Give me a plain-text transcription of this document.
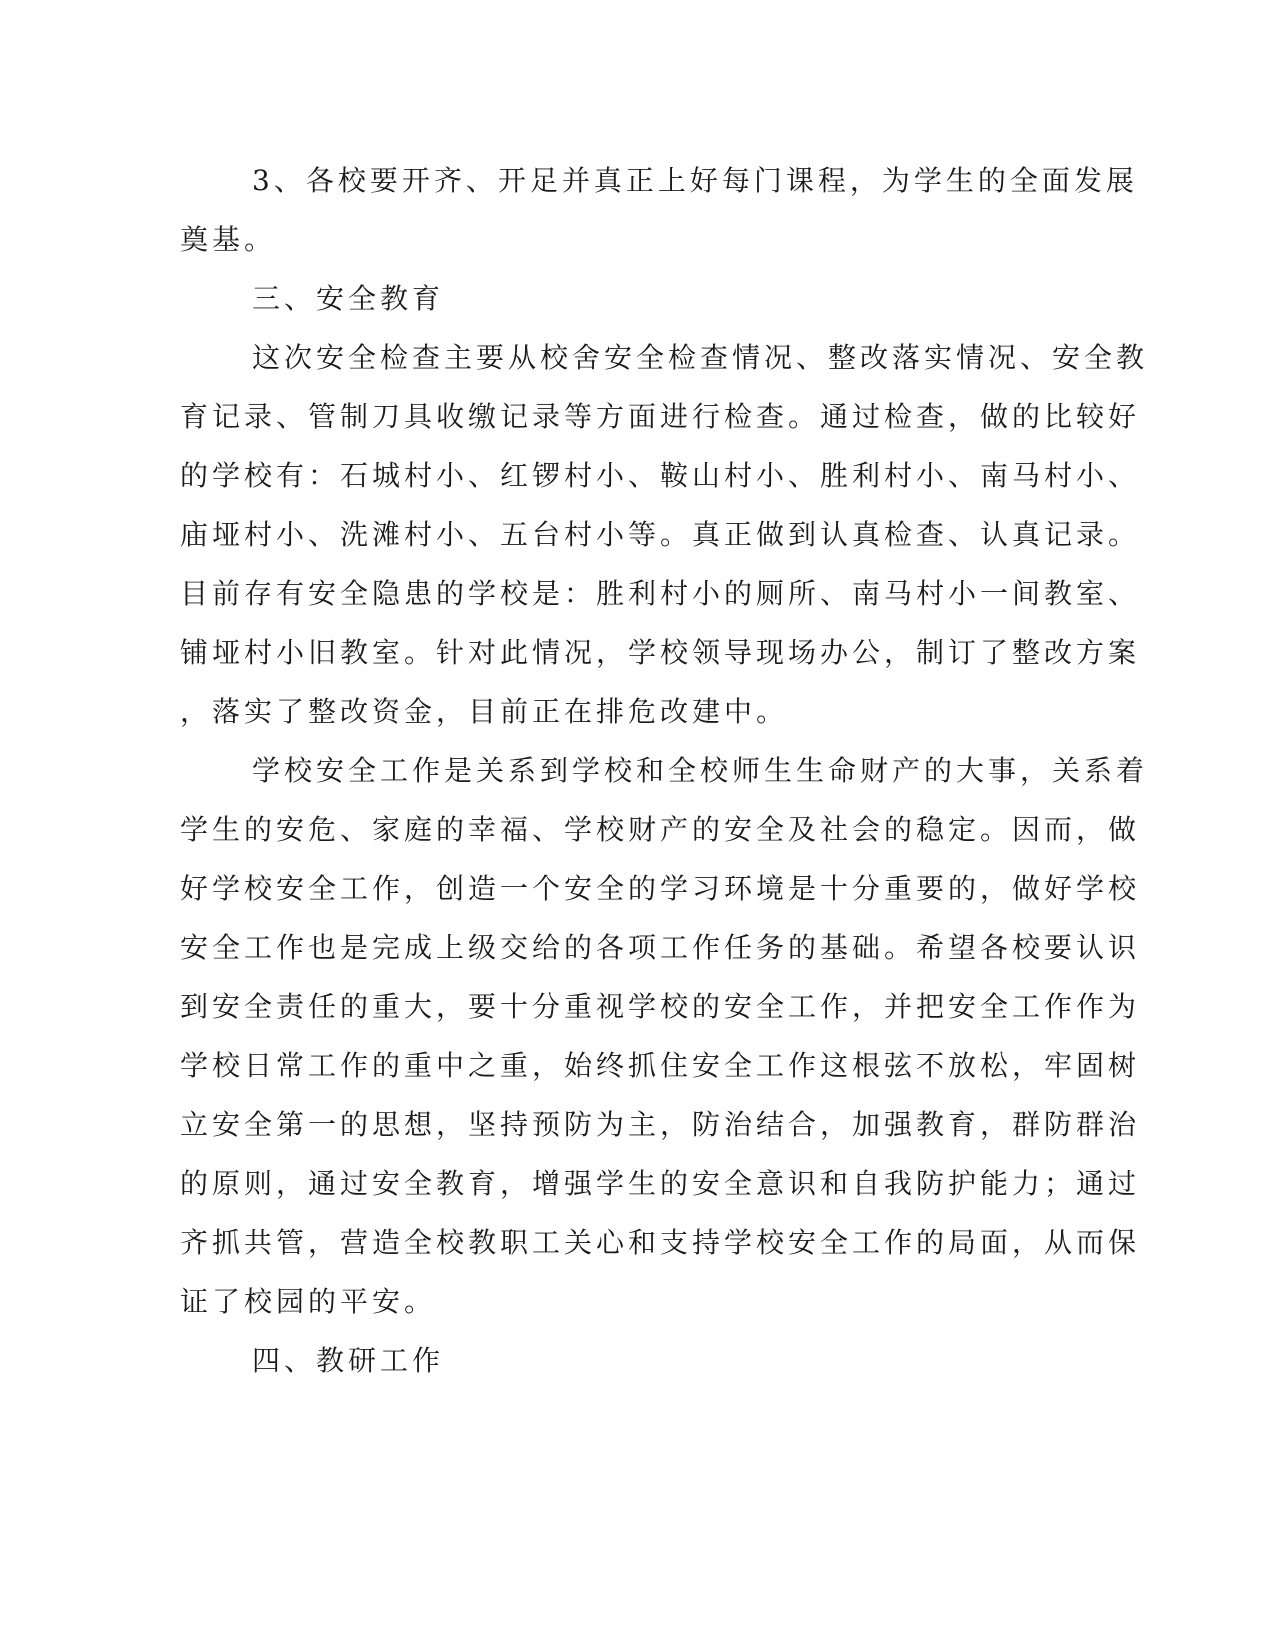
3、各校要开齐、开足并真正上好每门课程，为学生的全面发展
奠基。
三、安全教育
这次安全检查主要从校舍安全检查情况、整改落实情况、安全教
育记录、管制刀具收缴记录等方面进行检查。通过检查，做的比较好
的学校有：石城村小、红锣村小、鞍山村小、胜利村小、南马村小、
庙垭村小、洗滩村小、五台村小等。真正做到认真检查、认真记录。
目前存有安全隐患的学校是：胜利村小的厕所、南马村小一间教室、
铺垭村小旧教室。针对此情况，学校领导现场办公，制订了整改方案
，落实了整改资金，目前正在排危改建中。
学校安全工作是关系到学校和全校师生生命财产的大事，关系着
学生的安危、家庭的幸福、学校财产的安全及社会的稳定。因而，做
好学校安全工作，创造一个安全的学习环境是十分重要的，做好学校
安全工作也是完成上级交给的各项工作任务的基础。希望各校要认识
到安全责任的重大，要十分重视学校的安全工作，并把安全工作作为
学校日常工作的重中之重，始终抓住安全工作这根弦不放松，牢固树
立安全第一的思想，坚持预防为主，防治结合，加强教育，群防群治
的原则，通过安全教育，增强学生的安全意识和自我防护能力；通过
齐抓共管，营造全校教职工关心和支持学校安全工作的局面，从而保
证了校园的平安。
四、教研工作
